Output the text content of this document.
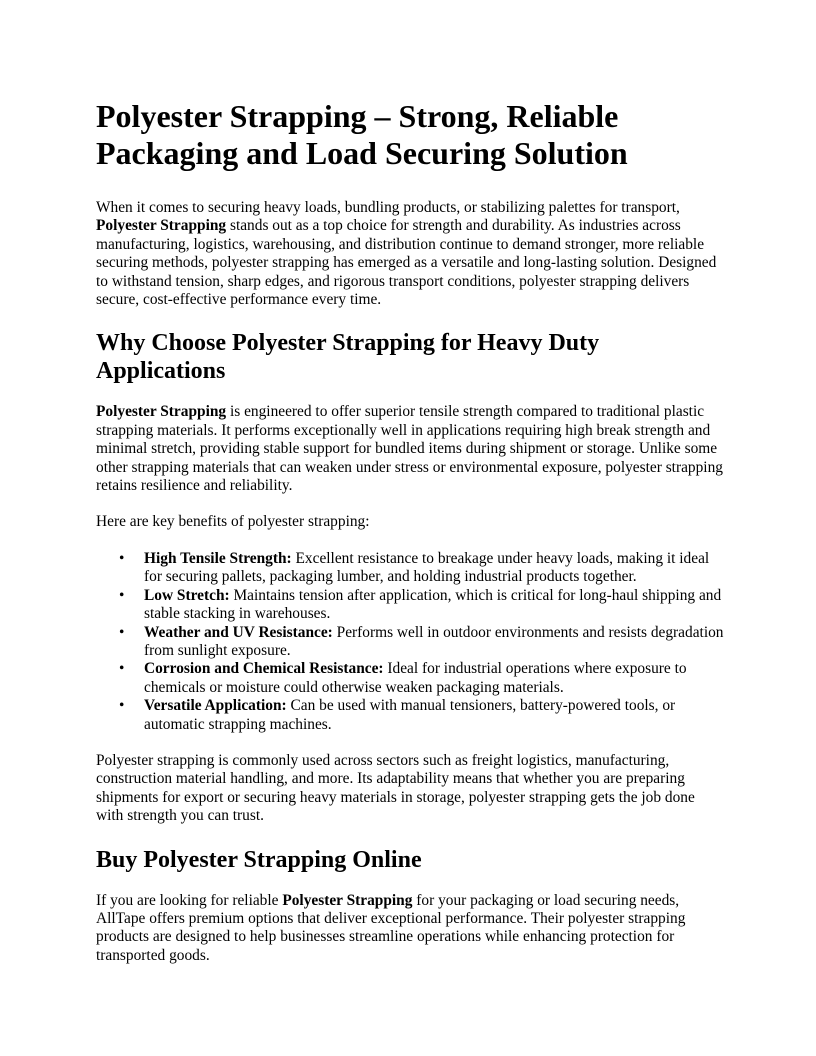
Polyester Strapping – Strong, Reliable Packaging and Load Securing Solution

When it comes to securing heavy loads, bundling products, or stabilizing palettes for transport,
Polyester Strapping stands out as a top choice for strength and durability. As industries across manufacturing, logistics, warehousing, and distribution continue to demand stronger, more reliable securing methods, polyester strapping has emerged as a versatile and long-lasting solution. Designed to withstand tension, sharp edges, and rigorous transport conditions, polyester strapping delivers secure, cost-effective performance every time.

Why Choose Polyester Strapping for Heavy Duty Applications

Polyester Strapping is engineered to offer superior tensile strength compared to traditional plastic strapping materials. It performs exceptionally well in applications requiring high break strength and minimal stretch, providing stable support for bundled items during shipment or storage. Unlike some other strapping materials that can weaken under stress or environmental exposure, polyester strapping retains resilience and reliability.

Here are key benefits of polyester strapping:

• High Tensile Strength: Excellent resistance to breakage under heavy loads, making it ideal for securing pallets, packaging lumber, and holding industrial products together.
• Low Stretch: Maintains tension after application, which is critical for long-haul shipping and stable stacking in warehouses.
• Weather and UV Resistance: Performs well in outdoor environments and resists degradation from sunlight exposure.
• Corrosion and Chemical Resistance: Ideal for industrial operations where exposure to chemicals or moisture could otherwise weaken packaging materials.
• Versatile Application: Can be used with manual tensioners, battery-powered tools, or automatic strapping machines.

Polyester strapping is commonly used across sectors such as freight logistics, manufacturing, construction material handling, and more. Its adaptability means that whether you are preparing shipments for export or securing heavy materials in storage, polyester strapping gets the job done with strength you can trust.

Buy Polyester Strapping Online

If you are looking for reliable Polyester Strapping for your packaging or load securing needs, AllTape offers premium options that deliver exceptional performance. Their polyester strapping products are designed to help businesses streamline operations while enhancing protection for transported goods.
